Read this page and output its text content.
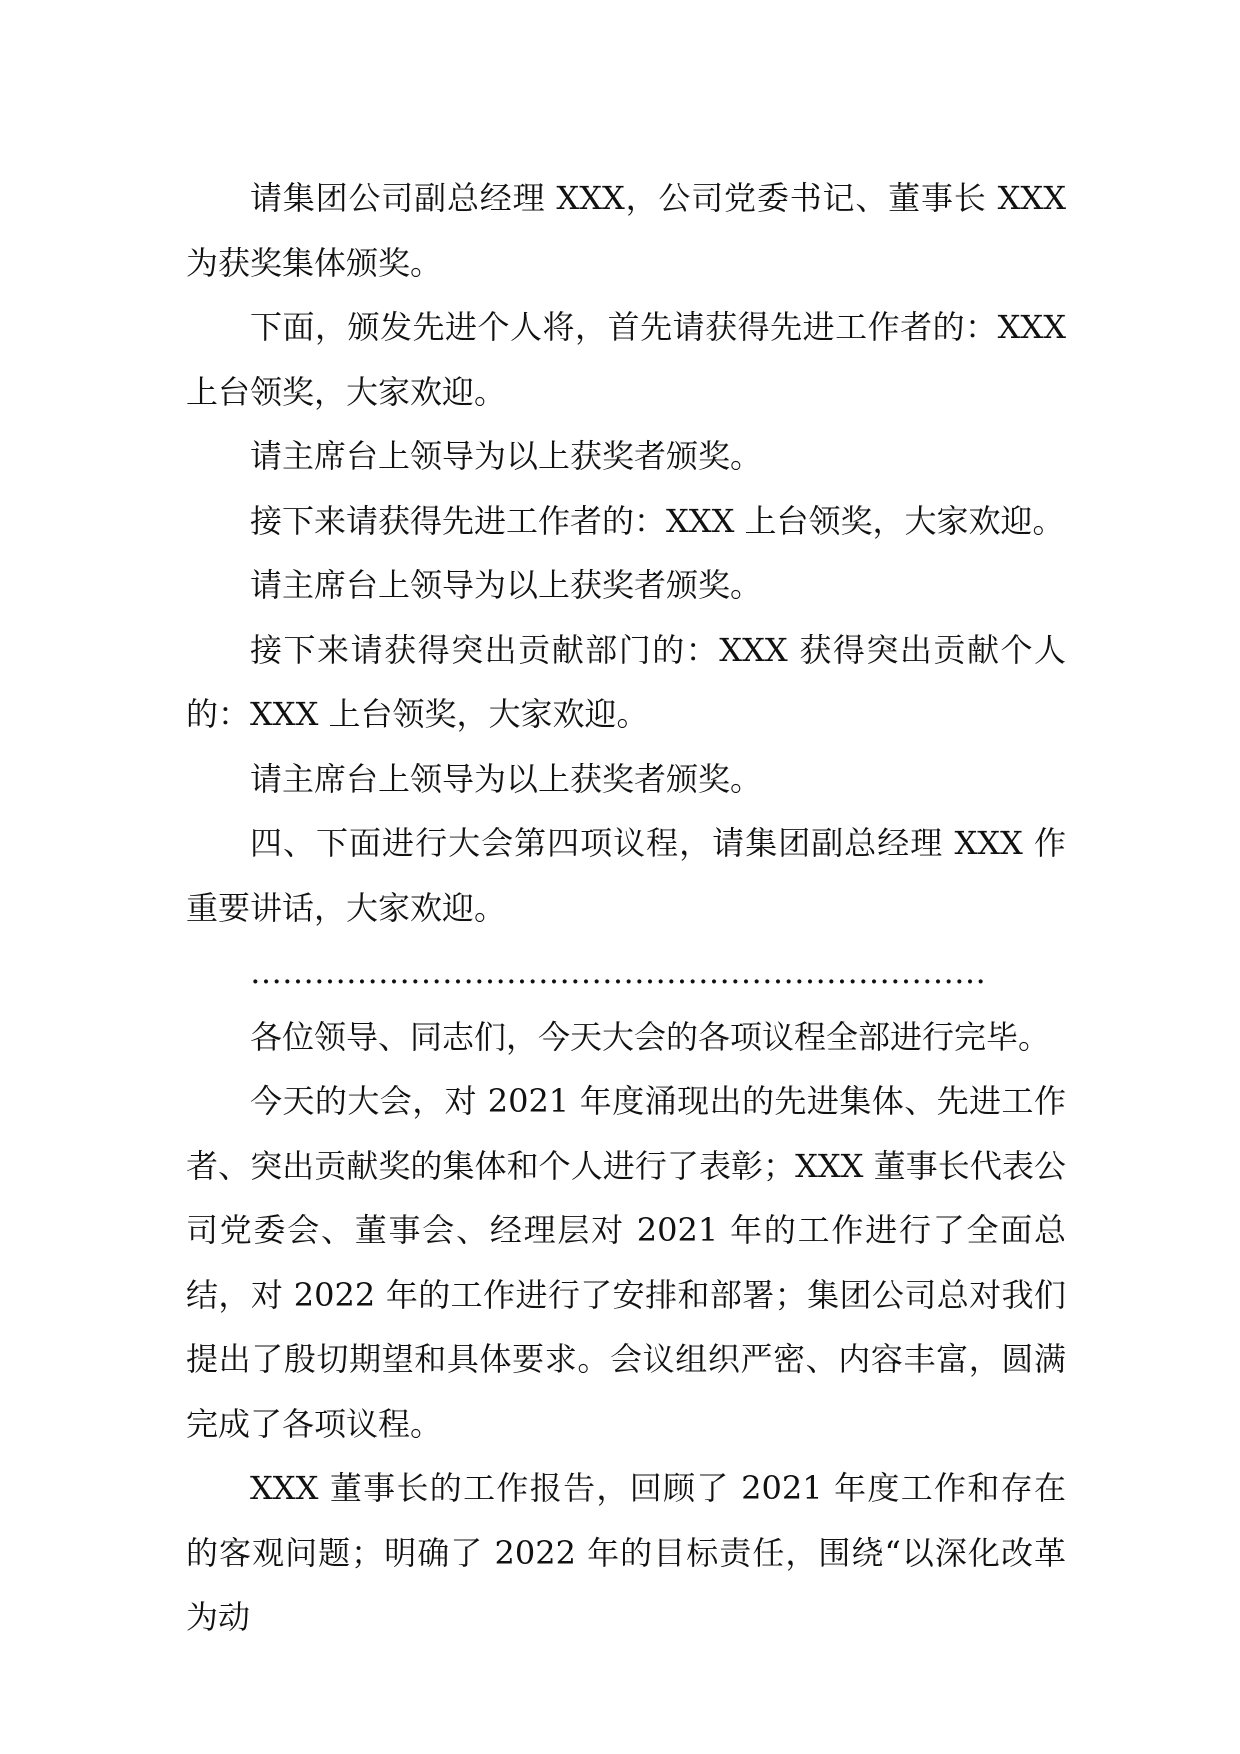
请集团公司副总经理 XXX，公司党委书记、董事长 XXX 为获奖集体颁奖。

下面，颁发先进个人将，首先请获得先进工作者的：XXX 上台领奖，大家欢迎。

请主席台上领导为以上获奖者颁奖。

接下来请获得先进工作者的：XXX 上台领奖，大家欢迎。

请主席台上领导为以上获奖者颁奖。

接下来请获得突出贡献部门的：XXX 获得突出贡献个人的：XXX 上台领奖，大家欢迎。

请主席台上领导为以上获奖者颁奖。

四、下面进行大会第四项议程，请集团副总经理 XXX 作重要讲话，大家欢迎。

……………………………………………………………

各位领导、同志们，今天大会的各项议程全部进行完毕。

今天的大会，对 2021 年度涌现出的先进集体、先进工作者、突出贡献奖的集体和个人进行了表彰；XXX 董事长代表公司党委会、董事会、经理层对 2021 年的工作进行了全面总结，对 2022 年的工作进行了安排和部署；集团公司总对我们提出了殷切期望和具体要求。会议组织严密、内容丰富，圆满完成了各项议程。

XXX 董事长的工作报告，回顾了 2021 年度工作和存在的客观问题；明确了 2022 年的目标责任，围绕“以深化改革为动
